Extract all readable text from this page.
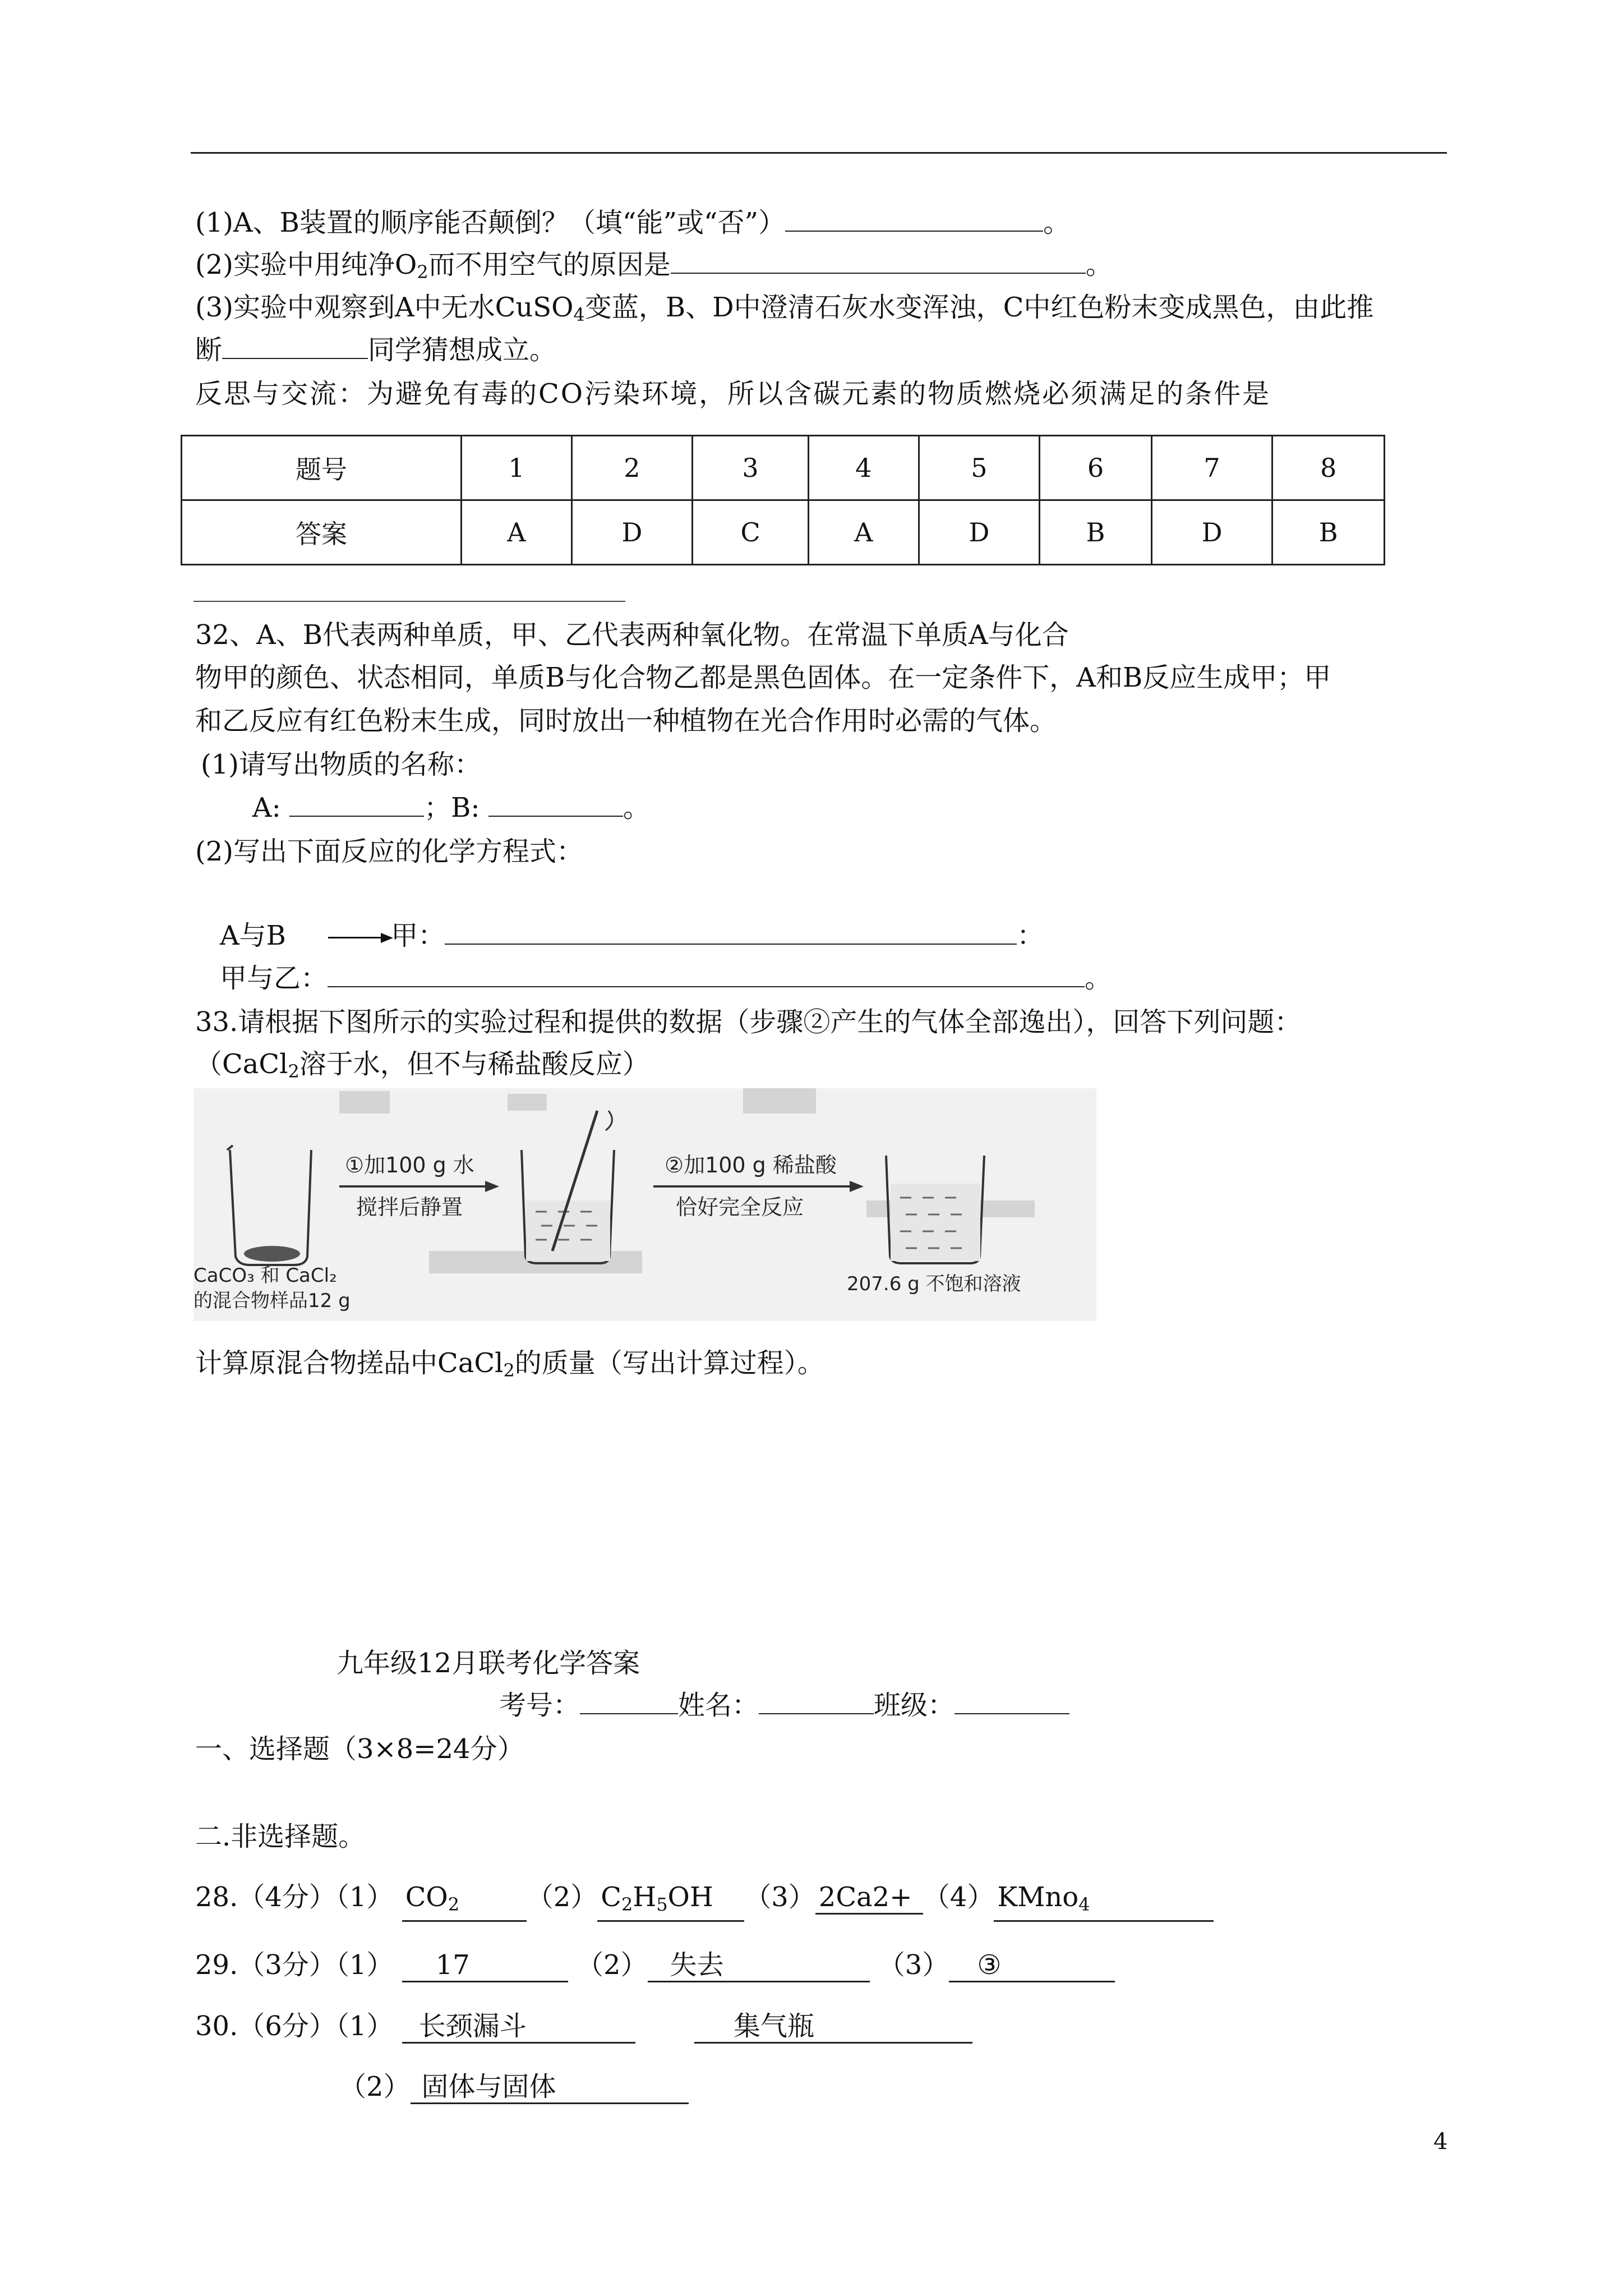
(1)A、B装置的顺序能否颠倒？（填“能”或“否”）	。
(2)实验中用纯净$O_2$而不用空气的原因是	。
(3)实验中观察到A中无水CuSO$_4$变蓝，B、D中澄清石灰水变浑浊，C中红色粉末变成黑色，由此推
断	同学猜想成立。
反思与交流：为避免有毒的CO污染环境，所以含碳元素的物质燃烧必须满足的条件是
题号	1	2	3	4	5	6	7	8
答案	A	D	C	A	D	B	D	B
32、A、B代表两种单质，甲、乙代表两种氧化物。在常温下单质A与化合
物甲的颜色、状态相同，单质B与化合物乙都是黑色固体。在一定条件下，A和B反应生成甲；甲
和乙反应有红色粉末生成，同时放出一种植物在光合作用时必需的气体。
(1)请写出物质的名称：
A:	；B:	。
(2)写出下面反应的化学方程式：
A与B	甲：	：
甲与乙：	。
33.请根据下图所示的实验过程和提供的数据（步骤②产生的气体全部逸出），回答下列问题：
（CaCl$_2$溶于水，但不与稀盐酸反应）
①加100 g 水
搅拌后静置
②加100 g 稀盐酸
恰好完全反应
CaCO₃ 和 CaCl₂
的混合物样品12 g
207.6 g 不饱和溶液
计算原混合物搓品中CaCl$_2$的质量（写出计算过程）。
九年级12月联考化学答案
考号：	姓名：	班级：
一、选择题（3×8=24分）
二.非选择题。
28.（4分）（1） $CO_2$ （2） $C_2H_5OH$ （3） 2Ca2+ （4） KMno$_4$
29.（3分）（1） 17	（2） 失去	（3） ③
30.（6分）（1） 长颈漏斗	集气瓶
（2） 固体与固体
4
